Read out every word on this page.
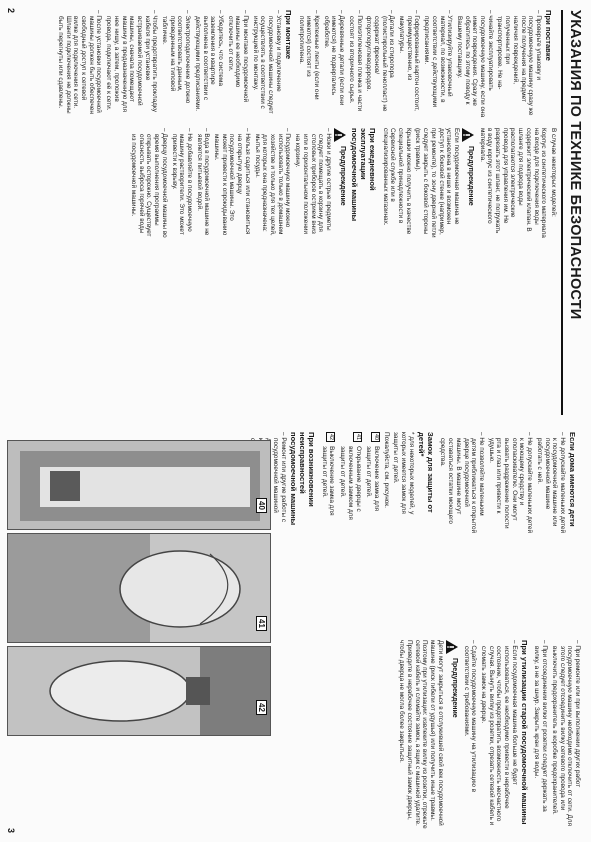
УКАЗАНИЯ ПО ТЕХНИКЕ БЕЗОПАСНОСТИ
При поставке
– Проверьте упаковку и посудомоечную машину сразу же после получения на предмет наличия повреждений, полученных при транспортировке. Не на-
– чинайте эксплуатировать посудомоечную машину, если она имеет повреждения. Сразу же обратитесь по этому поводу к Вашему поставщику.
– Утилизируйте упаковочный материал, по возможности, в соответствии с действующими предписаниями.
– Гофрированный картон состоит, преимущественно, из макулатуры.
– Детали из стиропора (полистирольный пенопласт) не содержат фреонов/фторхлоруглеводородов.
– Полиэтиленовая пленка и части состоят из вторичного сырья.
– Деревянные детали (если они имеются) не подвергались обработке.
– Крепежные ленты (если они имеются) состоят из полипропилена.
При монтаже
– Установку и подключение посудомоечной машины следует осуществлять в соответствии с инструкцией по монтажу.
– При монтаже посудомоечной машины ее необходимо отключить от сети.
– Убедитесь, что система заземления в квартире выполнена в соответствии с действующими предписаниями.
– Электроподключение должно соответствовать данным, приведенным на типовой табличке.
– Чтобы предотвратить прокладку кабеля при установке встраиваемой посудомоечной машины, сначала помещают машину в предназначенную для нее нишу, а затем, проложив провода, подключают её к сети.
– После установки посудомоечной машины должен быть обеспечен свободный доступ к сетевой вилке для подключения к сети. Шланги подключения не должны быть перегнуты или сдавлены.
В случае некоторых моделей:
Корпус из синтетического материала на входе для подключения воды содержит электрический клапан. В шланге для подвода воды располагаются электрические провода для управления им. Не разрезать этот шланг, не погружать в воду корпус из синтетического материала.
Предупреждение
Если посудомоечная машина не установлена в нише и возможен доступ к боковой стенке (например, при ремонте), то зону дверной петли следует закрыть с боковой стороны (риск травмы).
Крышки можно получить в качестве специальной принадлежности в Сервисной службе или в специализированных магазинах.
При ежедневной эксплуатации посудомоечной машины
Предупреждение
– Ножи и другие острые предметы следует помещать в корзину для столовых приборов острием вниз или в горизонтальном положении на корзину.
– Посудомоечную машину можно использовать только в домашнем хозяйстве и только для тех целей, для которых она предназначена: мытья посуды.
– Нельзя садиться или становиться на открытую дверцу посудомоечной машины. Это может привести к опрокидыванию машины.
– Вода в посудомоечной машине не является питьевой водой.
– Не добавляйте в посудомоечную машину растворители. Это может привести к взрыву.
– Дверцу посудомоечной машины во время выполнения программы открывать осторожно. Существует опасность выброса горячей воды из посудомоечной машины.
Если дома имеются дети
– Не допускайте маленьких детей к посудомоечной машине или посудомоечной машине работать с ней.
– Не допускайте маленьких детей к моющему средству и ополаскивателю. Они могут вызвать раздражение полости рта и глаз или привести к удушью.
– Не позволяйте маленьким детям приближаться к открытой дверце посудомоечной машины. В машине могут оставаться остатки моющего средства.
Замок для защиты от детей*
* для некоторых моделей, у которых имеется замок для защиты от детей.
Пожалуйста, см. рисунок.
40
Включение замка для защиты от детей.
41
Открывание дверцы с включенным замком для защиты от детей.
42
Выключение замка для защиты от детей.
При возникновении неисправностей посудомоечной машины
– Ремонт или другие работы с посудомоечной машиной
– При ремонте или при выполнении других работ посудомоечную машину необходимо отключить от сети. Для этого следует отсоединить вилку сетевого провода или выключить предохранитель в коробке предохранителей.
– При отсоединении вилки от розетки следует держать за вилку, а не за шнур. Закрыть кран для воды.
При утилизации старой посудомоечной машины
– Если посудомоечная машина больше не будет использоваться, ее необходимо привести в нерабочее состояние, чтобы предотвратить возможность несчастного случая. Вынуть вилку из розетки, отрезать сетевой кабель и сломать замок на дверце.
– Сдайте посудомоечную машину на утилизацию в соответствии с требованиями.
Предупреждение
Дети могут закрыться в отслужившей свой век посудомоечной машине (риск гибели от удушья) или получить иные травмы. Поэтому при утилизации: извлеките вилку из розетки, отрежьте сетевой кабель и сломайте замок, а ящик с машиной удалите. Приведите в нерабочее состояние защитный замок дверцы, чтобы дверца не могла более закрыться.
40
41
42
2
3
